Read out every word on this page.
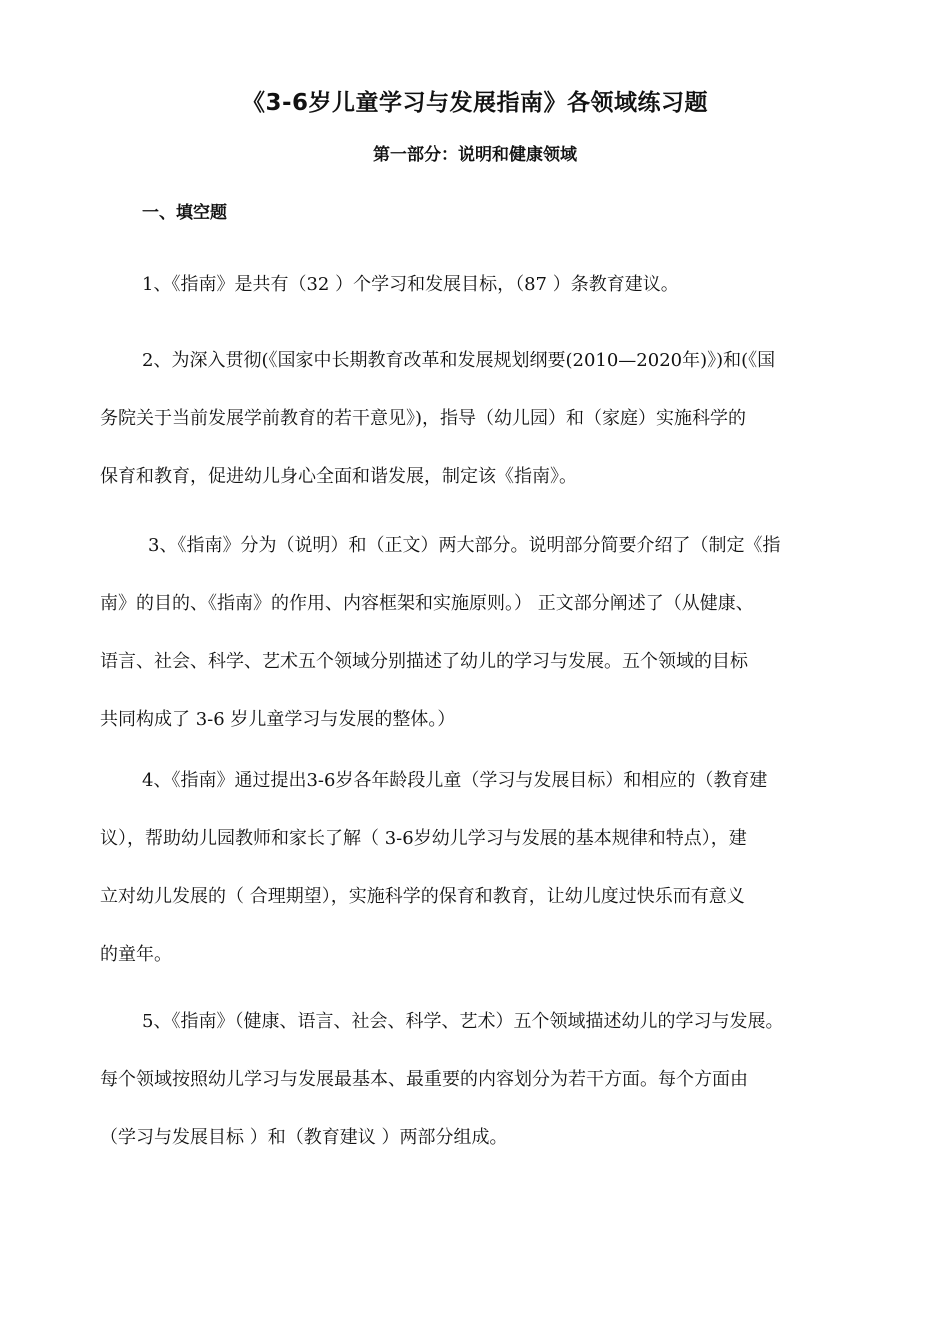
《3-6岁儿童学习与发展指南》各领域练习题
第一部分：说明和健康领域
一、填空题
1、《指南》是共有（32 ）个学习和发展目标，（87 ）条教育建议。
2、为深入贯彻(《国家中长期教育改革和发展规划纲要(2010—2020年)》)和(《国
务院关于当前发展学前教育的若干意见》)，指导（幼儿园）和（家庭）实施科学的
保育和教育，促进幼儿身心全面和谐发展，制定该《指南》。
3、《指南》分为（说明）和（正文）两大部分。说明部分简要介绍了（制定《指
南》的目的、《指南》的作用、内容框架和实施原则。） 正文部分阐述了（从健康、
语言、社会、科学、艺术五个领域分别描述了幼儿的学习与发展。五个领域的目标
共同构成了 3-6 岁儿童学习与发展的整体。）
4、《指南》通过提出3-6岁各年龄段儿童（学习与发展目标）和相应的（教育建
议），帮助幼儿园教师和家长了解（ 3-6岁幼儿学习与发展的基本规律和特点），建
立对幼儿发展的（ 合理期望），实施科学的保育和教育，让幼儿度过快乐而有意义
的童年。
5、《指南》（健康、语言、社会、科学、艺术）五个领域描述幼儿的学习与发展。
每个领域按照幼儿学习与发展最基本、最重要的内容划分为若干方面。每个方面由
（学习与发展目标 ）和（教育建议 ）两部分组成。
